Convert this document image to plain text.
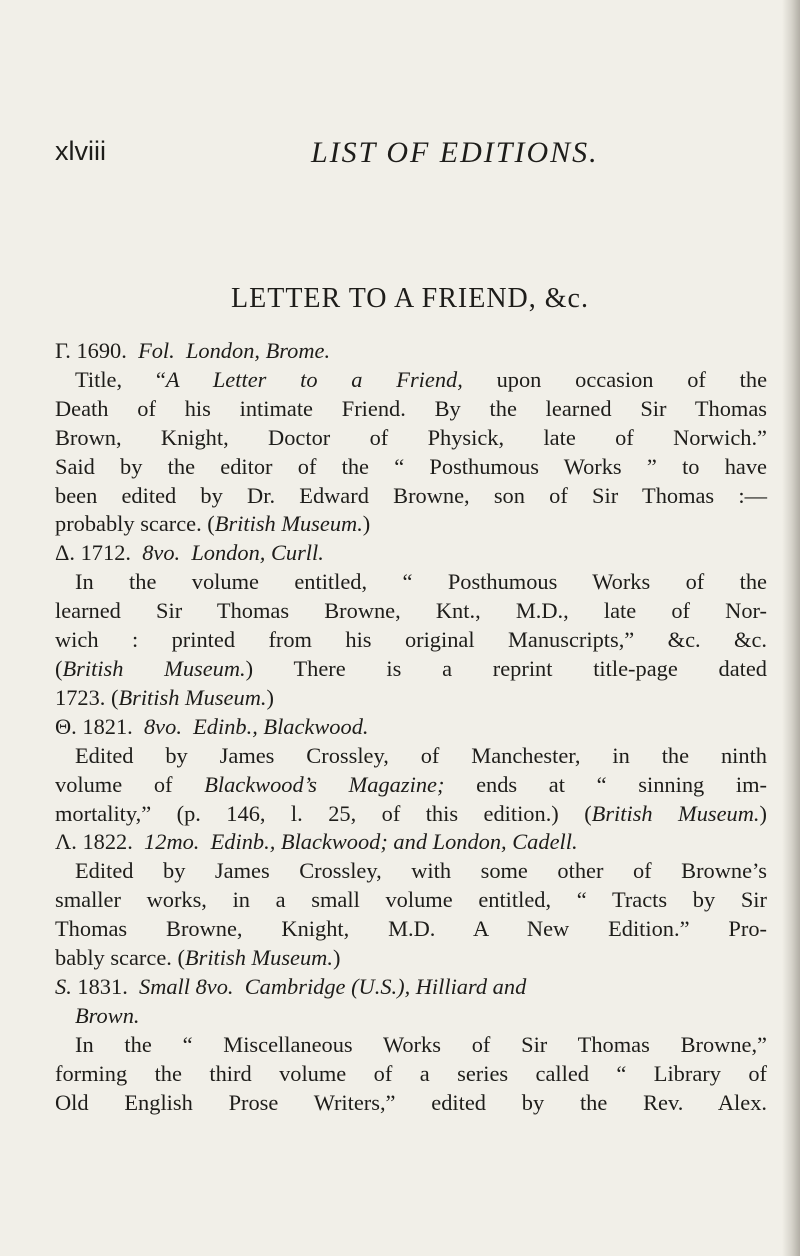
xlviii	LIST OF EDITIONS.
LETTER TO A FRIEND, &c.
Γ. 1690. Fol. London, Brome.
Title, “A Letter to a Friend, upon occasion of the
Death of his intimate Friend. By the learned Sir Thomas
Brown, Knight, Doctor of Physick, late of Norwich.”
Said by the editor of the “ Posthumous Works ” to have
been edited by Dr. Edward Browne, son of Sir Thomas :—
probably scarce. (British Museum.)
Δ. 1712. 8vo. London, Curll.
In the volume entitled, “ Posthumous Works of the
learned Sir Thomas Browne, Knt., M.D., late of Nor-
wich : printed from his original Manuscripts,” &c. &c.
(British Museum.) There is a reprint title-page dated
1723. (British Museum.)
Θ. 1821. 8vo. Edinb., Blackwood.
Edited by James Crossley, of Manchester, in the ninth
volume of Blackwood’s Magazine; ends at “ sinning im-
mortality,” (p. 146, l. 25, of this edition.) (British Museum.)
Λ. 1822. 12mo. Edinb., Blackwood; and London, Cadell.
Edited by James Crossley, with some other of Browne’s
smaller works, in a small volume entitled, “ Tracts by Sir
Thomas Browne, Knight, M.D. A New Edition.” Pro-
bably scarce. (British Museum.)
S. 1831. Small 8vo. Cambridge (U.S.), Hilliard and
Brown.
In the “ Miscellaneous Works of Sir Thomas Browne,”
forming the third volume of a series called “ Library of
Old English Prose Writers,” edited by the Rev. Alex.
